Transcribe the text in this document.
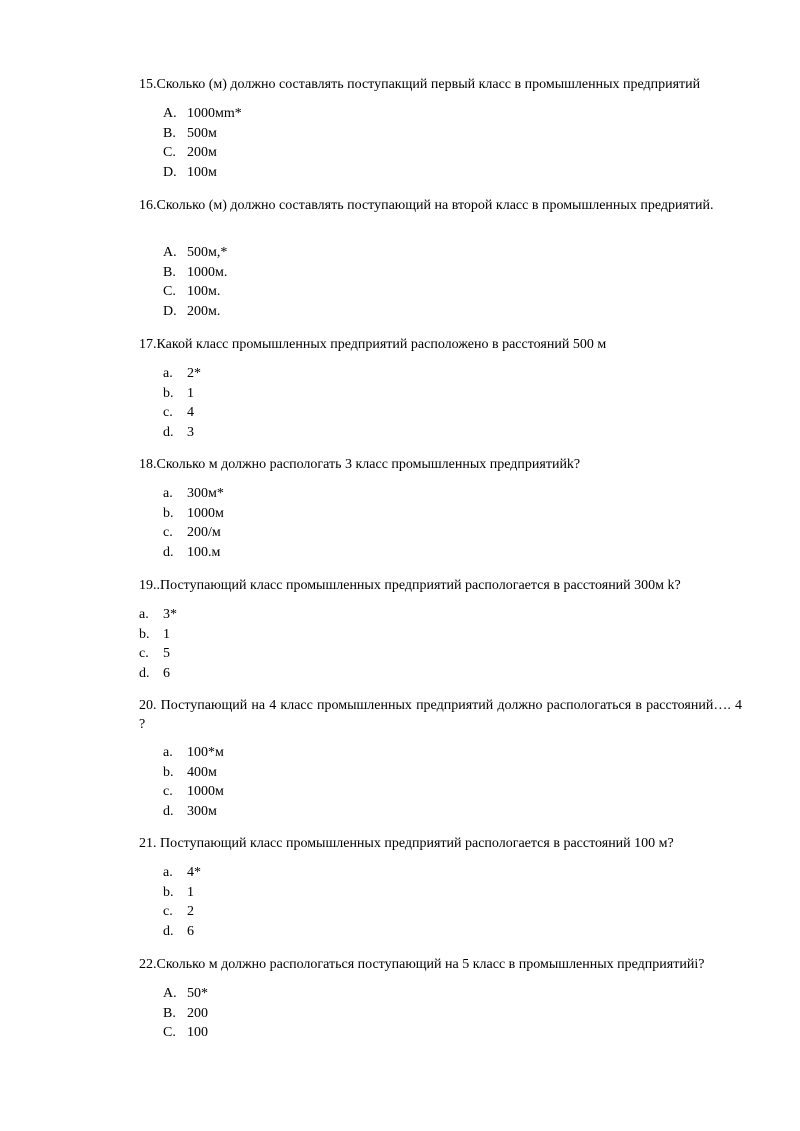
15.Сколько (м) должно составлять поступакщий первый класс в промышленных предприятий
A. 1000мm*
B. 500м
C. 200м
D. 100м
16.Сколько (м) должно составлять поступающий на второй класс в промышленных предриятий.
A. 500м,*
B. 1000м.
C. 100м.
D. 200м.
17.Какой класс промышленных предприятий расположено в расстояний 500 м
a. 2*
b. 1
c. 4
d. 3
18.Сколько м должно распологать 3 класс промышленных предприятийk?
a. 300м*
b. 1000м
c. 200/м
d. 100.м
19..Поступающий класс промышленных предприятий распологается в расстояний 300м k?
a. 3*
b. 1
c. 5
d. 6
20. Поступающий на 4 класс промышленных предприятий должно распологаться в расстояний…. 4 ?
a. 100*м
b. 400м
c. 1000м
d. 300м
21. Поступающий класс промышленных предприятий распологается в расстояний 100 м?
a. 4*
b. 1
c. 2
d. 6
22.Сколько м должно распологаться поступающий на 5 класс в промышленных предприятийi?
A. 50*
B. 200
C. 100
